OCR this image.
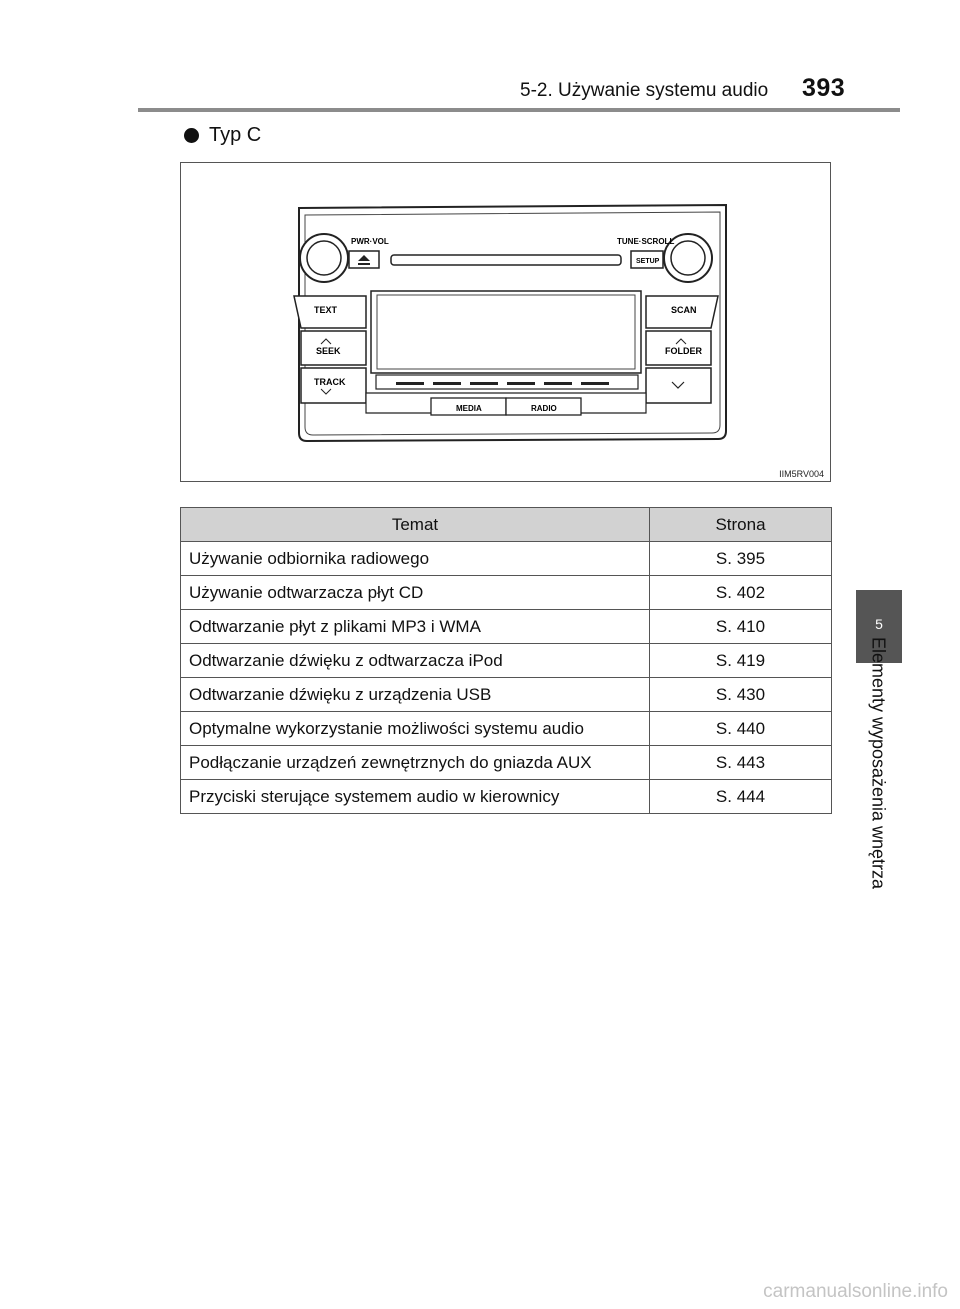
5-2. Używanie systemu audio 393
Typ C
PWR·VOL	TUNE·SCROLL
SETUP
TEXT
SEEK
TRACK
SCAN
FOLDER
MEDIA	RADIO
IIM5RV004
Temat	Strona
Używanie odbiornika radiowego	S. 395
Używanie odtwarzacza płyt CD	S. 402
Odtwarzanie płyt z plikami MP3 i WMA	S. 410
Odtwarzanie dźwięku z odtwarzacza iPod	S. 419
Odtwarzanie dźwięku z urządzenia USB	S. 430
Optymalne wykorzystanie możliwości systemu audio	S. 440
Podłączanie urządzeń zewnętrznych do gniazda AUX	S. 443
Przyciski sterujące systemem audio w kierownicy	S. 444
5
Elementy wyposażenia wnętrza
carmanualsonline.info
